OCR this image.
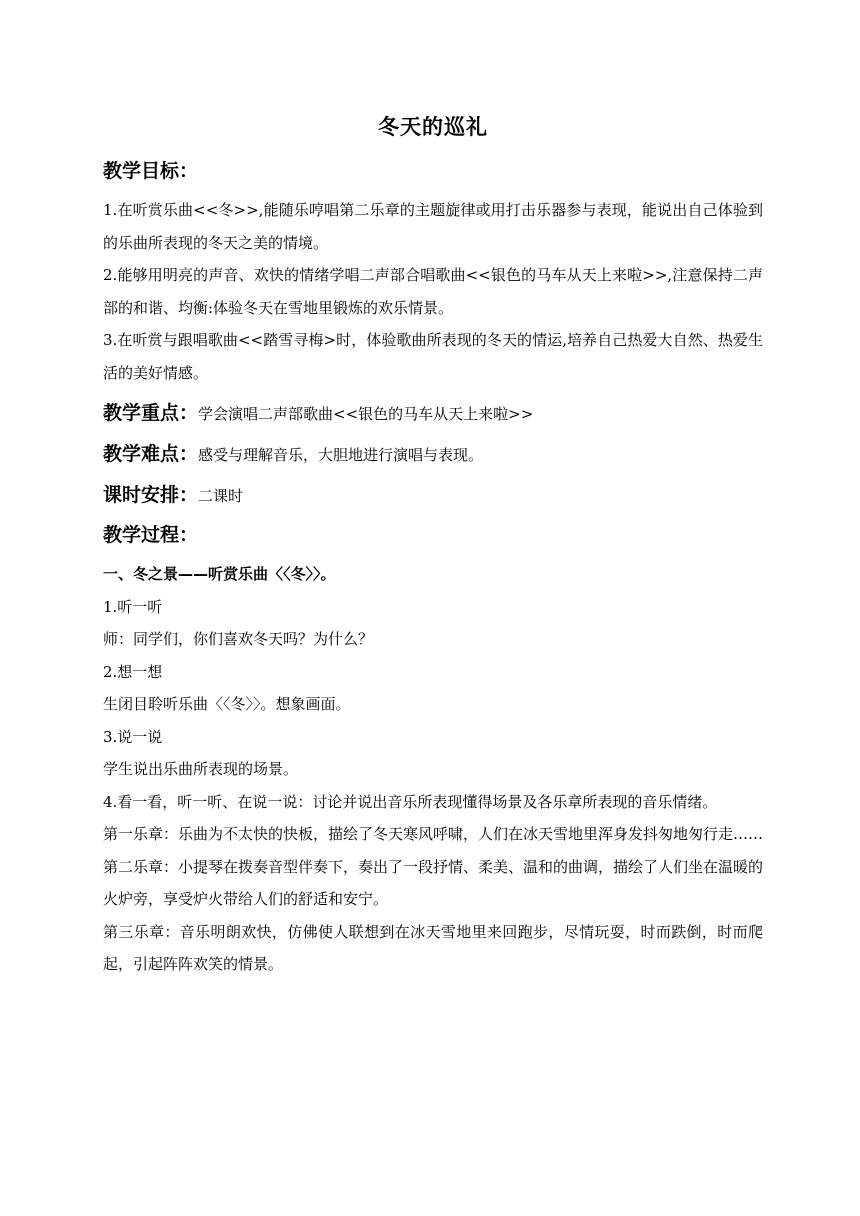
冬天的巡礼
教学目标：

1.在听赏乐曲<<冬>>,能随乐哼唱第二乐章的主题旋律或用打击乐器参与表现，能说出自己体验到的乐曲所表现的冬天之美的情境。

2.能够用明亮的声音、欢快的情绪学唱二声部合唱歌曲<<银色的马车从天上来啦>>,注意保持二声部的和谐、均衡:体验冬天在雪地里锻炼的欢乐情景。

3.在听赏与跟唱歌曲<<踏雪寻梅>时，体验歌曲所表现的冬天的情运,培养自己热爱大自然、热爱生活的美好情感。

教学重点：学会演唱二声部歌曲<<银色的马车从天上来啦>>
教学难点：感受与理解音乐，大胆地进行演唱与表现。
课时安排：二课时
教学过程：

一、冬之景——听赏乐曲〈〈冬〉〉。

1.听一听

师：同学们，你们喜欢冬天吗？为什么？

2.想一想

生闭目聆听乐曲〈〈冬〉〉。想象画面。

3.说一说

学生说出乐曲所表现的场景。

4.看一看，听一听、在说一说：讨论并说出音乐所表现懂得场景及各乐章所表现的音乐情绪。

第一乐章：乐曲为不太快的快板，描绘了冬天寒风呼啸，人们在冰天雪地里浑身发抖匆地匆行走……

第二乐章：小提琴在拨奏音型伴奏下，奏出了一段抒情、柔美、温和的曲调，描绘了人们坐在温暖的火炉旁，享受炉火带给人们的舒适和安宁。

第三乐章：音乐明朗欢快，仿佛使人联想到在冰天雪地里来回跑步，尽情玩耍，时而跌倒，时而爬起，引起阵阵欢笑的情景。
